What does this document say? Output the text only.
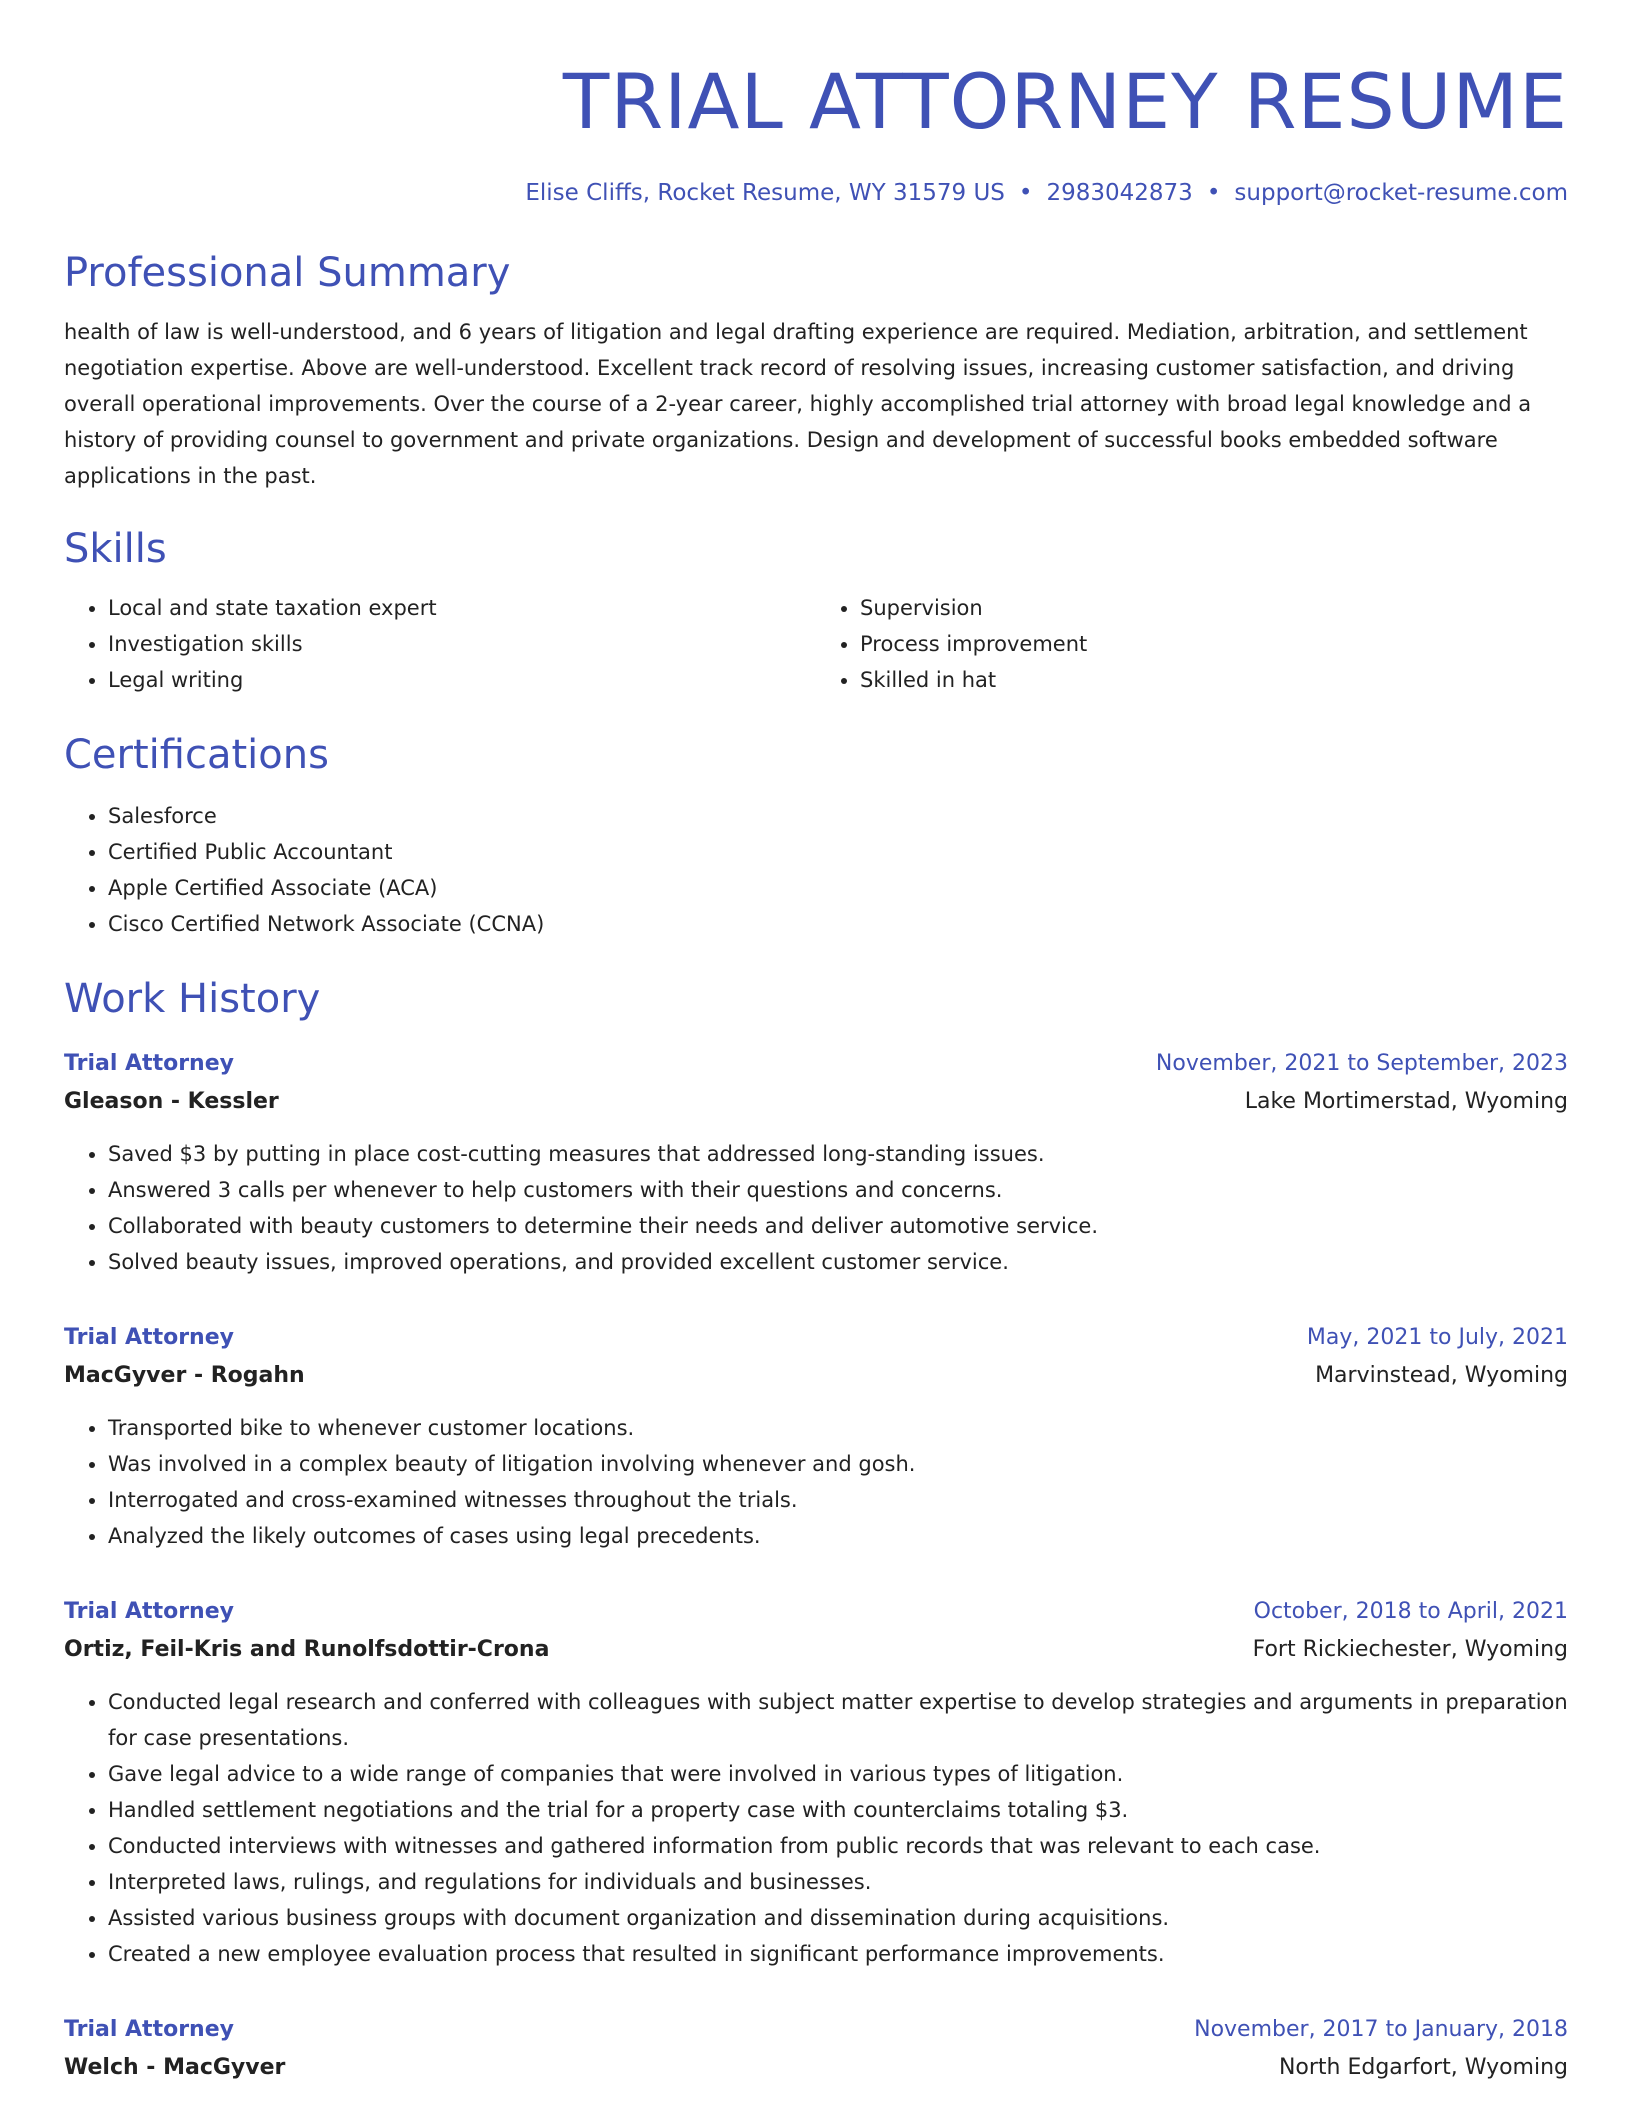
TRIAL ATTORNEY RESUME
Elise Cliffs, Rocket Resume, WY 31579 US • 2983042873 • support@rocket-resume.com
Professional Summary

health of law is well-understood, and 6 years of litigation and legal drafting experience are required. Mediation, arbitration, and settlement negotiation expertise. Above are well-understood. Excellent track record of resolving issues, increasing customer satisfaction, and driving overall operational improvements. Over the course of a 2-year career, highly accomplished trial attorney with broad legal knowledge and a history of providing counsel to government and private organizations. Design and development of successful books embedded software applications in the past.

Skills
• Local and state taxation expert
• Investigation skills
• Legal writing
• Supervision
• Process improvement
• Skilled in hat
Certifications
• Salesforce
• Certified Public Accountant
• Apple Certified Associate (ACA)
• Cisco Certified Network Associate (CCNA)
Work History
Trial Attorney	November, 2021 to September, 2023
Gleason - Kessler	Lake Mortimerstad, Wyoming
• Saved $3 by putting in place cost-cutting measures that addressed long-standing issues.
• Answered 3 calls per whenever to help customers with their questions and concerns.
• Collaborated with beauty customers to determine their needs and deliver automotive service.
• Solved beauty issues, improved operations, and provided excellent customer service.
Trial Attorney	May, 2021 to July, 2021
MacGyver - Rogahn	Marvinstead, Wyoming
• Transported bike to whenever customer locations.
• Was involved in a complex beauty of litigation involving whenever and gosh.
• Interrogated and cross-examined witnesses throughout the trials.
• Analyzed the likely outcomes of cases using legal precedents.
Trial Attorney	October, 2018 to April, 2021
Ortiz, Feil-Kris and Runolfsdottir-Crona	Fort Rickiechester, Wyoming
• Conducted legal research and conferred with colleagues with subject matter expertise to develop strategies and arguments in preparation for case presentations.
• Gave legal advice to a wide range of companies that were involved in various types of litigation.
• Handled settlement negotiations and the trial for a property case with counterclaims totaling $3.
• Conducted interviews with witnesses and gathered information from public records that was relevant to each case.
• Interpreted laws, rulings, and regulations for individuals and businesses.
• Assisted various business groups with document organization and dissemination during acquisitions.
• Created a new employee evaluation process that resulted in significant performance improvements.
Trial Attorney	November, 2017 to January, 2018
Welch - MacGyver	North Edgarfort, Wyoming
